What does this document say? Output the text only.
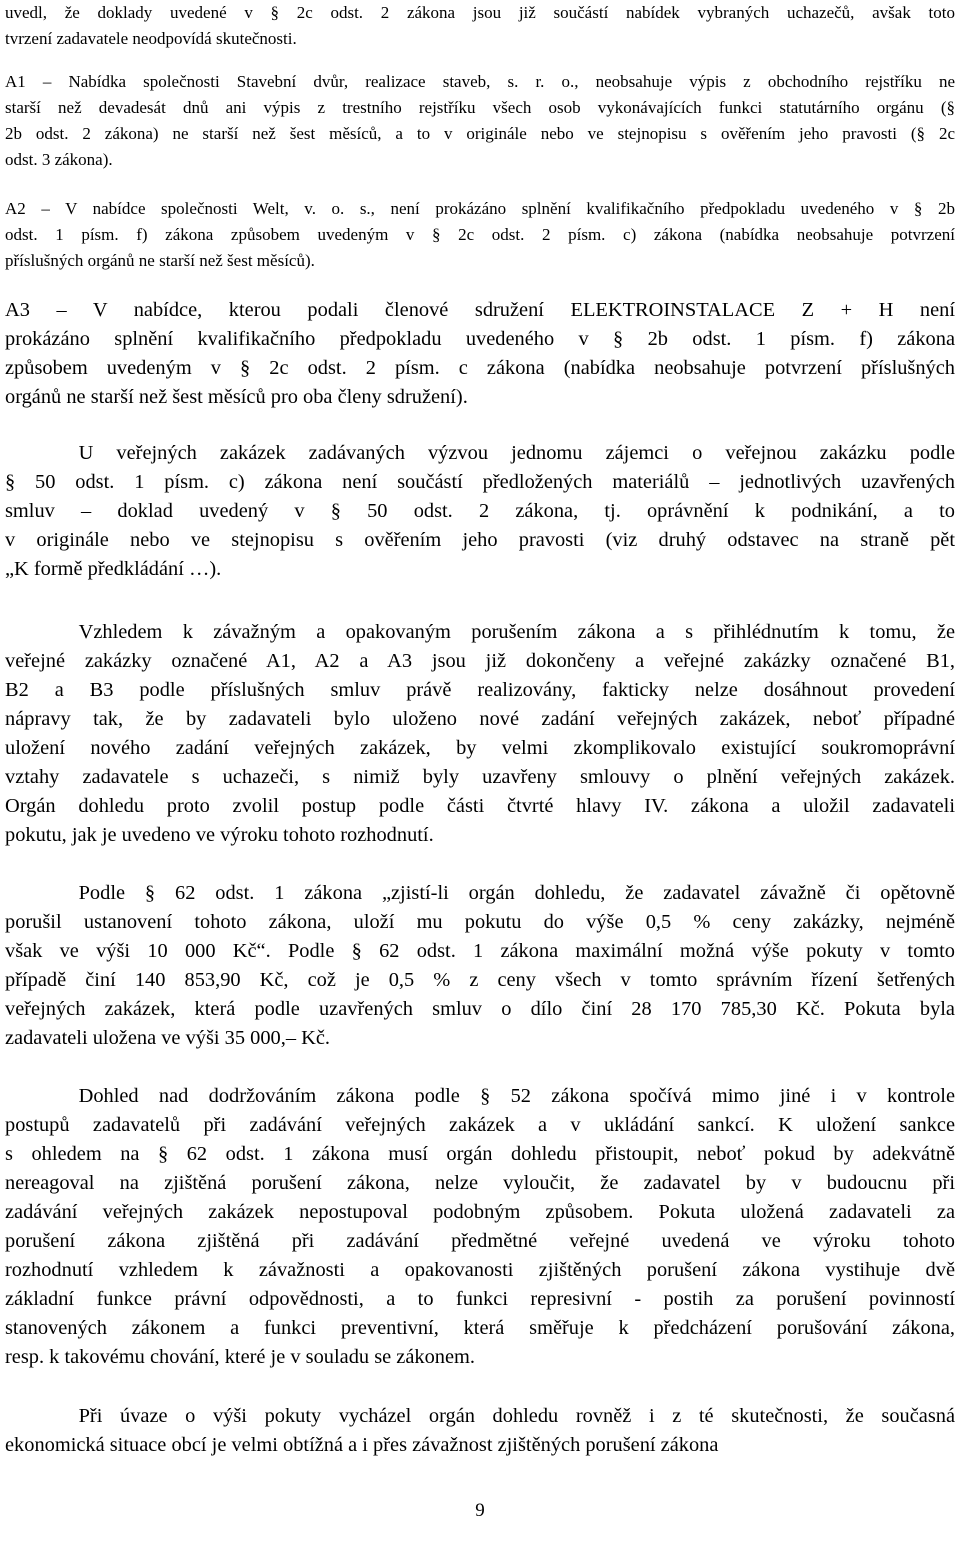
uvedl, že doklady uvedené v § 2c odst. 2 zákona jsou již součástí nabídek vybraných uchazečů, avšak toto
tvrzení zadavatele neodpovídá skutečnosti.
A1 – Nabídka společnosti Stavební dvůr, realizace staveb, s. r. o., neobsahuje výpis z obchodního rejstříku ne
starší než devadesát dnů ani výpis z trestního rejstříku všech osob vykonávajících funkci statutárního orgánu (§
2b odst. 2 zákona) ne starší než šest měsíců, a to v originále nebo ve stejnopisu s ověřením jeho pravosti (§ 2c
odst. 3 zákona).
A2 – V nabídce společnosti Welt, v. o. s., není prokázáno splnění kvalifikačního předpokladu uvedeného v § 2b
odst. 1 písm. f) zákona způsobem uvedeným v § 2c odst. 2 písm. c) zákona (nabídka neobsahuje potvrzení
příslušných orgánů ne starší než šest měsíců).
A3 – V nabídce, kterou podali členové sdružení ELEKTROINSTALACE Z + H není
prokázáno splnění kvalifikačního předpokladu uvedeného v § 2b odst. 1 písm. f) zákona
způsobem uvedeným v § 2c odst. 2 písm. c zákona (nabídka neobsahuje potvrzení příslušných
orgánů ne starší než šest měsíců pro oba členy sdružení).
U veřejných zakázek zadávaných výzvou jednomu zájemci o veřejnou zakázku podle
§ 50 odst. 1 písm. c) zákona není součástí předložených materiálů – jednotlivých uzavřených
smluv – doklad uvedený v § 50 odst. 2 zákona, tj. oprávnění k podnikání, a to
v originále nebo ve stejnopisu s ověřením jeho pravosti (viz druhý odstavec na straně pět
„K formě předkládání …).
Vzhledem k závažným a opakovaným porušením zákona a s přihlédnutím k tomu, že
veřejné zakázky označené A1, A2 a A3 jsou již dokončeny a veřejné zakázky označené B1,
B2 a B3 podle příslušných smluv právě realizovány, fakticky nelze dosáhnout provedení
nápravy tak, že by zadavateli bylo uloženo nové zadání veřejných zakázek, neboť případné
uložení nového zadání veřejných zakázek, by velmi zkomplikovalo existující soukromoprávní
vztahy zadavatele s uchazeči, s nimiž byly uzavřeny smlouvy o plnění veřejných zakázek.
Orgán dohledu proto zvolil postup podle části čtvrté hlavy IV. zákona a uložil zadavateli
pokutu, jak je uvedeno ve výroku tohoto rozhodnutí.
Podle § 62 odst. 1 zákona „zjistí-li orgán dohledu, že zadavatel závažně či opětovně
porušil ustanovení tohoto zákona, uloží mu pokutu do výše 0,5 % ceny zakázky, nejméně
však ve výši 10 000 Kč“. Podle § 62 odst. 1 zákona maximální možná výše pokuty v tomto
případě činí 140 853,90 Kč, což je 0,5 % z ceny všech v tomto správním řízení šetřených
veřejných zakázek, která podle uzavřených smluv o dílo činí 28 170 785,30 Kč. Pokuta byla
zadavateli uložena ve výši 35 000,– Kč.
Dohled nad dodržováním zákona podle § 52 zákona spočívá mimo jiné i v kontrole
postupů zadavatelů při zadávání veřejných zakázek a v ukládání sankcí. K uložení sankce
s ohledem na § 62 odst. 1 zákona musí orgán dohledu přistoupit, neboť pokud by adekvátně
nereagoval na zjištěná porušení zákona, nelze vyloučit, že zadavatel by v budoucnu při
zadávání veřejných zakázek nepostupoval podobným způsobem. Pokuta uložená zadavateli za
porušení zákona zjištěná při zadávání předmětné veřejné uvedená ve výroku tohoto
rozhodnutí vzhledem k závažnosti a opakovanosti zjištěných porušení zákona vystihuje dvě
základní funkce právní odpovědnosti, a to funkci represivní - postih za porušení povinností
stanovených zákonem a funkci preventivní, která směřuje k předcházení porušování zákona,
resp. k takovému chování, které je v souladu se zákonem.
Při úvaze o výši pokuty vycházel orgán dohledu rovněž i z té skutečnosti, že současná
ekonomická situace obcí je velmi obtížná a i přes závažnost zjištěných porušení zákona
9
